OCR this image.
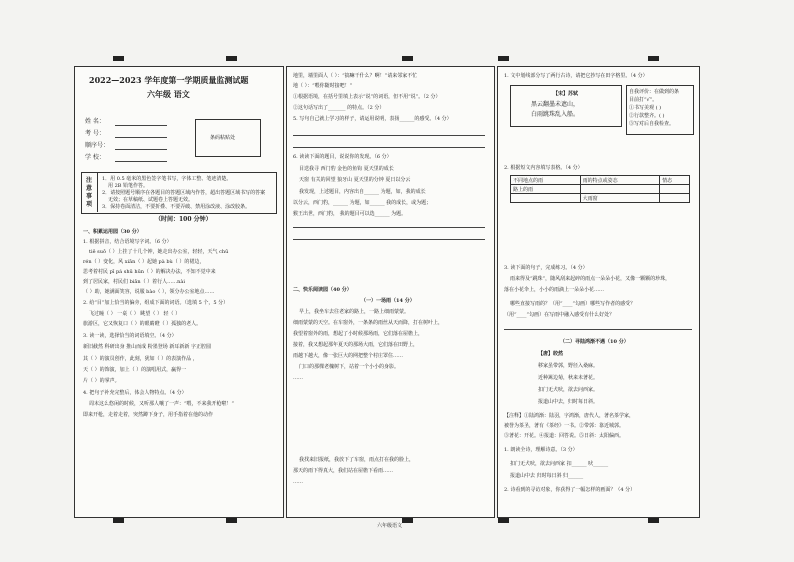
2022—2023 学年度第一学期质量监测试题
六年级 语文
姓 名：
考 号：
顺序号：
学 校：
条码粘贴处
注
意
事
项
1．用 0.5 毫米的黑色签字笔书写，字体工整、笔迹清楚。
用 2B 铅笔作答。
2．请按照题号顺序在各题目的答题区域内作答，超出答题区域书写的答案
无效；在草稿纸、试题卷上答题无效。
3．保持卷面清洁，不要折叠、不要弄破、禁用涂改液、涂改胶条。
（时间：100 分钟）
一、积累运用园（30 分）
1. 根据拼音，结合语境写字词。（6 分）
tiě suǒ（ ）上挂了十几个钟，她走出办公室，轻轻，天气 chū
rén（ ）变化，风 xiān（ ）起她 pà bù（ ）的裙边，
思考着村民 pī pá shū hūn（ ）的解决办法，不知不觉中来
到了居民家，村民们 biān（ ）着行人……nài
（ ）助，她满面笑容，说服 bào（ ），领分办公室地点……
2. 给“目”加上恰当的偏旁，组成下面的词语。（选填 5 个，5 分）
飞过瞳（ ） 一桌（ ） 眺望（ ） 轻（ ）
旅游区，它又恢复口（ ）的眼睛瞪（ ）孤独的老人。
3. 读一读，选择恰当的词语填空。（4 分）
新旧截然 科研出身 推山而成 粉墨登场 新耳新新 字正腔圆
其（ ）的演员创作，此刻，犹如（ ）的表演作品 ，
天（ ）的饰演，加上（ ）的演唱用式，赢得一
片（ ）的掌声。
4. 把句子补充完整后，体会人物特点。（4 分）
周末这么悠闲的时候，又听那人嚷了一声：“喂，不来我开枪啦！”
即来开枪，走着走着，突然蹲下身子，用手指着在他的动作
地里，墙里面人（ ）：“搞嘛干什么？啊！”请来邻家不忙
地（ ）：“喂你随时接吧！”
①根据语境，在括号里填上表示“说”的词语，但不用“说”。（2 分）
②这句话写出了_______ 的特点。（2 分）
5. 写句自己就上学习的样子，请运用说明，表扬______的感受。（4 分）
6. 读读下面的题目，说说你的发现。（6 分）
目送我寻 西门豹 金色的鱼钩 夏天里的成长
天窗 有关的回望 狼牙山 夏天里的分钟 夏日以分云
我发现，上述题目，内容出自______ 为题，如，我的成长
以分云，西门豹，______ 为题，如______ 我的成长，或为题；
猴王出世，西门豹， 我的题目可以选______ 为题。
二、快乐阅读园（40 分）
（一）一场雨（14 分）
早上，我坐车去往老家的路上，一路上细雨蒙蒙。
细雨蒙蒙的天空。在车窗外，一条条的雨丝从天而降，打在树叶上，
我望着窗外的雨，想起了小时候那场雨，它们落在屋檐上，
接着，我又想起那年夏天的那场大雨，它们落在田野上，
雨越下越大，像一张巨大的网把整个村庄罩住……
门口的那棵老槐树下，站着一个小小的身影。
……
我找来旧报纸，我放下了车窗，雨点打在我的脸上，
那天的雨下得真大，我们站在屋檐下看雨……
……
1. 文中划线部分写了两行古诗，请把它抄写在田字格里。（4 分）
【宋】苏轼
黑云翻墨未遮山，
白雨跳珠乱入船。
自我评价：在做到的条
目前打“√”。
①书写美观 ( )
②行款整齐。( )
③写对后自我检查。
2. 根据短文内容填写表格。（4 分）
不同地点的雨	雨的特点或姿态	情态
路上的雨		
	大雨窗	
3. 读下面的句子，完成练习。（4 分）
雨来得及“跳珠”，随风刮来起碎的雨点一朵朵小花，又像一颗颗的珍珠，
落在小花伞上，小小的雨滴上一朵朵小花……
哪些直接写雨的？（用“____”勾画）哪些写作者的感受？
（用“____”勾画）在写雨中融入感受有什么好处？
（二）寻陆鸿渐不遇（10 分）
【唐】皎然
移家虽带郭，野径入桑麻。
近种篱边菊，秋来未著花。
扣门无犬吠，欲去问西家。
报道山中去，归时每日斜。
【注释】①陆鸿渐：陆羽，字鸿渐，唐代人，著名茶学家，
被誉为茶圣，著有《茶经》一书。②带郭：靠近城郭。
③著花：开花。④报道：回答说。⑤日斜：太阳偏西。
1. 朗读全诗，理解诗意。（3 分）
扣门无犬吠，欲去问西家 扣______ 吠______
报道山中去 归时每日斜 归______
2. 诗看到的寻访对象，你获得了一幅怎样的画面？（4 分）
六年级语文
